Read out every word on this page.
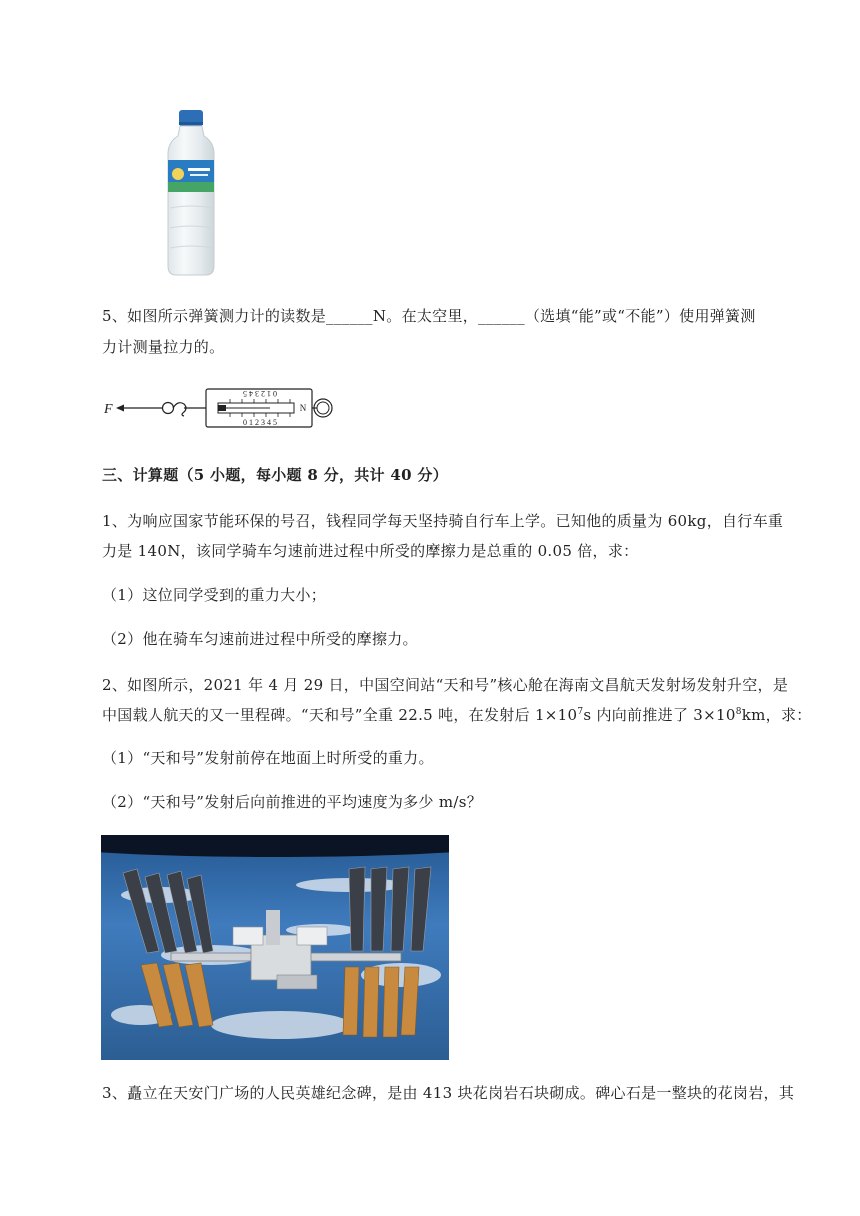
5、如图所示弹簧测力计的读数是______N。在太空里，______（选填“能”或“不能”）使用弹簧测
力计测量拉力的。
F
0 1 2 3 4 5
0 1 2 3 4 5
N
三、计算题（5 小题，每小题 8 分，共计 40 分）
1、为响应国家节能环保的号召，钱程同学每天坚持骑自行车上学。已知他的质量为 60kg，自行车重
力是 140N，该同学骑车匀速前进过程中所受的摩擦力是总重的 0.05 倍，求：
（1）这位同学受到的重力大小；
（2）他在骑车匀速前进过程中所受的摩擦力。
2、如图所示，2021 年 4 月 29 日，中国空间站“天和号”核心舱在海南文昌航天发射场发射升空，是
中国载人航天的又一里程碑。“天和号”全重 22.5 吨，在发射后 $1\times 10^7s$ 内向前推进了 $3\times 10^8km$，求：
（1）“天和号”发射前停在地面上时所受的重力。
（2）“天和号”发射后向前推进的平均速度为多少 m/s？
3、矗立在天安门广场的人民英雄纪念碑，是由 413 块花岗岩石块砌成。碑心石是一整块的花岗岩，其
